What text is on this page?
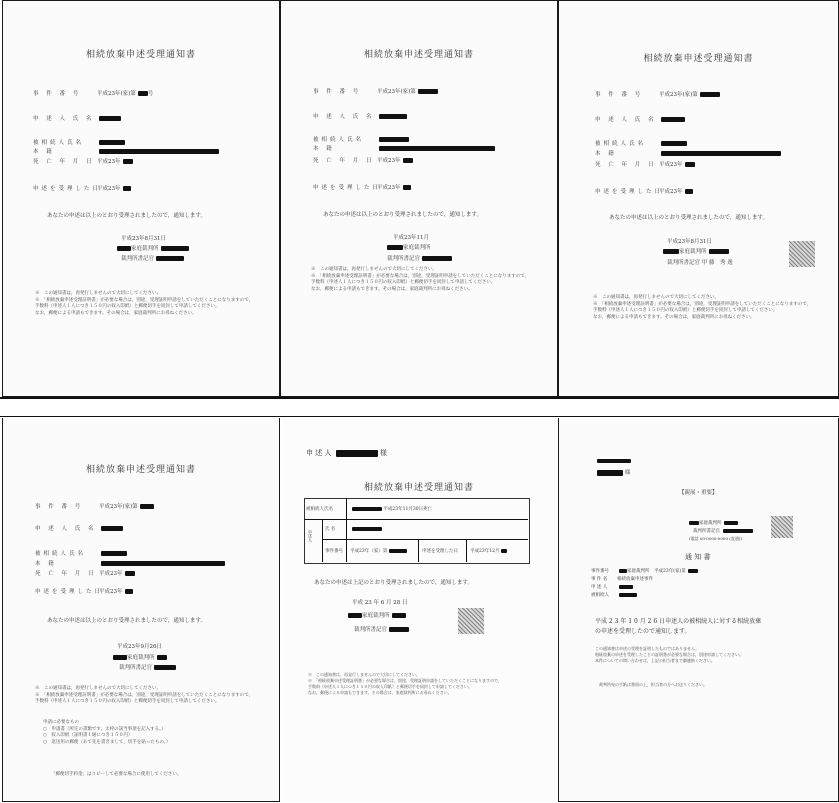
相続放棄申述受理通知書
事 件 番 号	平成23年(家)第 号
申 述 人 氏 名
被相続人氏名
本 籍
死 亡 年 月 日 平成23年
申述を受理した日平成23年
あなたの申述は以上のとおり受理されましたので，通知します。
平成23年8月31日
家庭裁判所
裁判所書記官
※　この通知書は，再発行しませんので大切にしてください。
※　「相続放棄申述受理証明書」が必要な場合は，別途，受理証明申請をしていただくことになりますので，
手数料（申述人１人につき１５０円の収入印紙）と郵便切手を同封して申請してください。
なお，郵便による申請もできます。その場合は，家庭裁判所にお尋ねください。
相続放棄申述受理通知書
事 件 番 号	平成23年(家)第
申 述 人 氏 名
被相続人氏名
本 籍
死 亡 年 月 日 平成23年
申述を受理した日平成23年
あなたの申述は以上のとおり受理されましたので，通知します。
平成23年11月
家庭裁判所
裁判所書記官
※　この通知書は，再発行しませんので大切にしてください。
※　「相続放棄申述受理証明書」が必要な場合は，別途，受理証明申請をしていただくことになりますので，
手数料（申述人１人につき１５０円の収入印紙）と郵便切手を同封して申請してください。
なお，郵便による申請もできます。その場合は，家庭裁判所にお尋ねください。
相続放棄申述受理通知書
事 件 番 号	平成23年(家)第
申 述 人 氏 名
被相続人氏名
本 籍
死 亡 年 月 日 平成23年
申述を受理した日平成23年
あなたの申述は以上のとおり受理されましたので，通知します。
平成23年8月31日
家庭裁判所
裁判所書記官 甲 藤　秀 逸
※　この通知書は，再発行しませんので大切にしてください。
※　「相続放棄申述受理証明書」が必要な場合は，別途，受理証明申請をしていただくことになりますので，
手数料（申述人１人につき１５０円の収入印紙）と郵便切手を同封して申請してください。
なお，郵便による申請もできます。その場合は，家庭裁判所にお尋ねください。
相続放棄申述受理通知書
事 件 番 号	平成23年(家)第
申 述 人 氏 名
被相続人氏名
本 籍
死 亡 年 月 日 平成23年
申述を受理した日平成23年
あなたの申述は以上のとおり受理されましたので，通知します。
平成23年9月26日
家庭裁判所
裁判所書記官
※　この通知書は，再発行しませんので大切にしてください。
※　「相続放棄申述受理証明書」が必要な場合は，別途，受理証明申請をしていただくことになりますので，
手数料（申述人１人につき１５０円の収入印紙）と郵便切手を同封して申請してください。
申請に必要なもの
○　申請書（所定の書類です。太枠の該当事項を記入する。）
○　収入印紙（証明書１通につき１５０円）
○　返送用の郵便（あて先を書きまして，切手を貼ったもの。）
「郵便切手料金」はコピーして必要な場合に使用してください。
申 述 人	様
相続放棄申述受理通知書
被相続人氏名	平成23年11月30日死亡
氏 名
申述人
事件番号 平成23年（家）第	申述を受理した日	平成23年12月
あなたの申述は上記のとおり受理されましたので，通知します。
平成 23 年 6 月 28 日
家庭裁判所
裁判所書記官
※　この通知書は，再発行しませんので大切にしてください。
※　「相続放棄申述受理証明書」が必要な場合は，別途，受理証明申請をしていただくことになりますので，
手数料（申述人１人につき１５０円の収入印紙）と郵便切手を同封して申請してください。
なお，郵便による申請もできます。その場合は，家庭裁判所にお尋ねください。
様
【親展・重要】
家庭裁判所
裁判所書記官
(電話 00-0000-0000 (直通))
通 知 書
事件番号	家庭裁判所　平成23年(家)第
事 件 名 相続放棄申述事件
申 述 人
被相続人
平成 2 3 年 1 0 月 2 6 日申述人の被相続人に対する相続放棄
の申述を受理したので通知します。
この通知書は申述の受理を証明したものではありません。
相続放棄の申述を受理したことの証明書が必要な場合は，別途申請してください。
本件についての問い合わせは，上記の担当者まで御連絡ください。
裁判所宛の手紙は書留の上，担当者の方へお送りください。
